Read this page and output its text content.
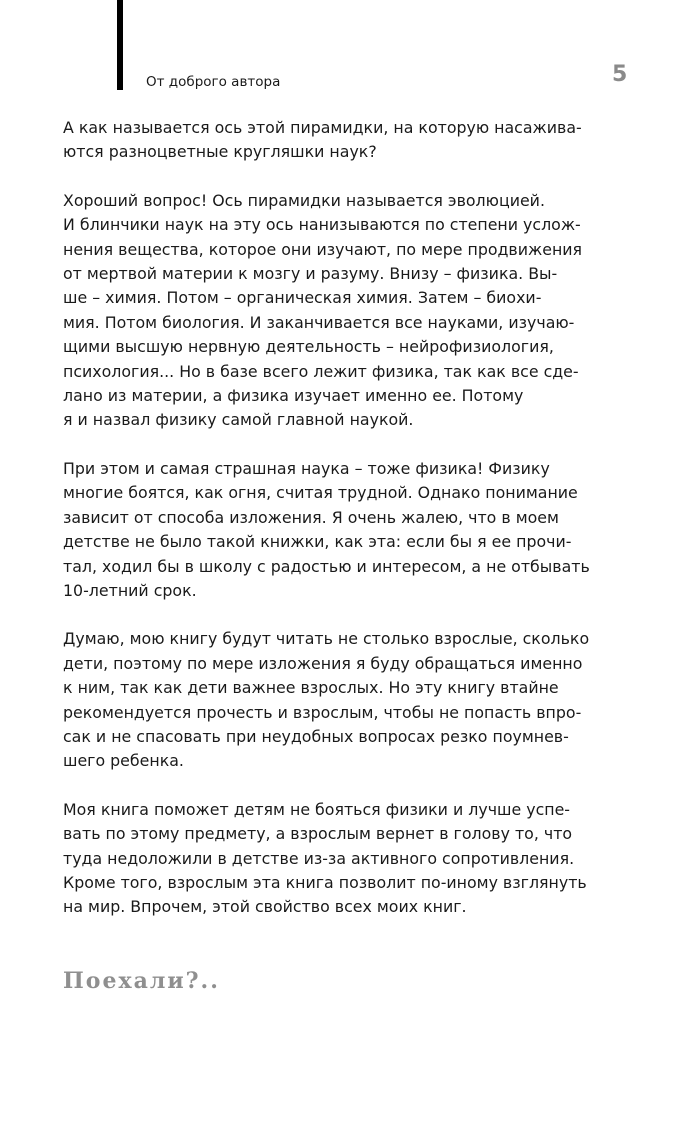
От доброго автора	5

А как называется ось этой пирамидки, на которую насажива-
ются разноцветные кругляшки наук?

Хороший вопрос! Ось пирамидки называется эволюцией.
И блинчики наук на эту ось нанизываются по степени услож-
нения вещества, которое они изучают, по мере продвижения
от мертвой материи к мозгу и разуму. Внизу – физика. Вы-
ше – химия. Потом – органическая химия. Затем – биохи-
мия. Потом биология. И заканчивается все науками, изучаю-
щими высшую нервную деятельность – нейрофизиология,
психология... Но в базе всего лежит физика, так как все сде-
лано из материи, а физика изучает именно ее. Потому
я и назвал физику самой главной наукой.

При этом и самая страшная наука – тоже физика! Физику
многие боятся, как огня, считая трудной. Однако понимание
зависит от способа изложения. Я очень жалею, что в моем
детстве не было такой книжки, как эта: если бы я ее прочи-
тал, ходил бы в школу с радостью и интересом, а не отбывать
10-летний срок.

Думаю, мою книгу будут читать не столько взрослые, сколько
дети, поэтому по мере изложения я буду обращаться именно
к ним, так как дети важнее взрослых. Но эту книгу втайне
рекомендуется прочесть и взрослым, чтобы не попасть впро-
сак и не спасовать при неудобных вопросах резко поумнев-
шего ребенка.

Моя книга поможет детям не бояться физики и лучше успе-
вать по этому предмету, а взрослым вернет в голову то, что
туда недоложили в детстве из-за активного сопротивления.
Кроме того, взрослым эта книга позволит по-иному взглянуть
на мир. Впрочем, этой свойство всех моих книг.

Поехали?..
